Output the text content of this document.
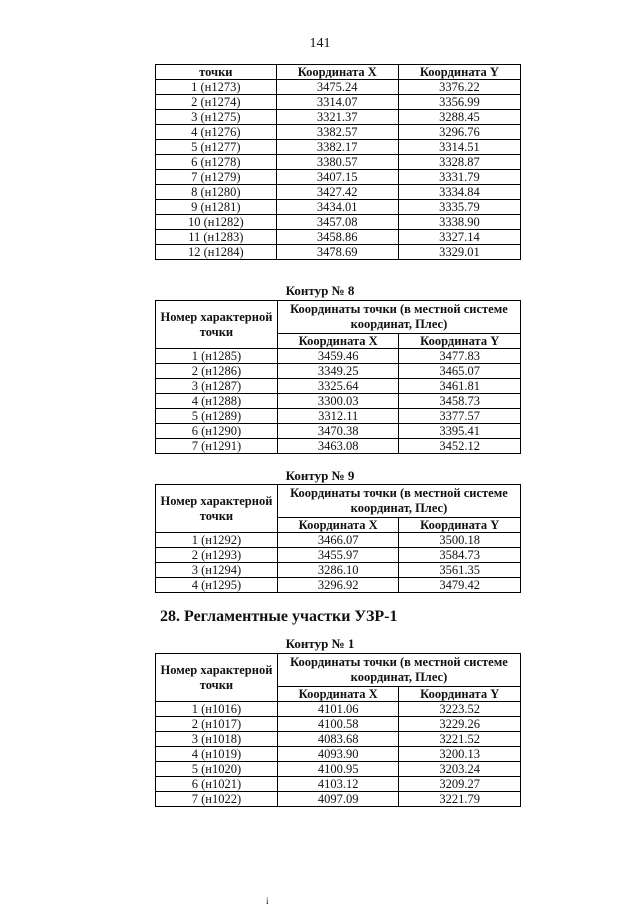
141
точки	Координата X	Координата Y
1 (н1273)	3475.24	3376.22
2 (н1274)	3314.07	3356.99
3 (н1275)	3321.37	3288.45
4 (н1276)	3382.57	3296.76
5 (н1277)	3382.17	3314.51
6 (н1278)	3380.57	3328.87
7 (н1279)	3407.15	3331.79
8 (н1280)	3427.42	3334.84
9 (н1281)	3434.01	3335.79
10 (н1282)	3457.08	3338.90
11 (н1283)	3458.86	3327.14
12 (н1284)	3478.69	3329.01
Контур № 8
Номер характерной точки	Координаты точки (в местной системе координат, Плес)	
	Координата X	Координата Y
1 (н1285)	3459.46	3477.83
2 (н1286)	3349.25	3465.07
3 (н1287)	3325.64	3461.81
4 (н1288)	3300.03	3458.73
5 (н1289)	3312.11	3377.57
6 (н1290)	3470.38	3395.41
7 (н1291)	3463.08	3452.12
Контур № 9
Номер характерной точки	Координаты точки (в местной системе координат, Плес)	
	Координата X	Координата Y
1 (н1292)	3466.07	3500.18
2 (н1293)	3455.97	3584.73
3 (н1294)	3286.10	3561.35
4 (н1295)	3296.92	3479.42
28. Регламентные участки УЗР-1
Контур № 1
Номер характерной точки	Координаты точки (в местной системе координат, Плес)	
	Координата X	Координата Y
1 (н1016)	4101.06	3223.52
2 (н1017)	4100.58	3229.26
3 (н1018)	4083.68	3221.52
4 (н1019)	4093.90	3200.13
5 (н1020)	4100.95	3203.24
6 (н1021)	4103.12	3209.27
7 (н1022)	4097.09	3221.79
i
